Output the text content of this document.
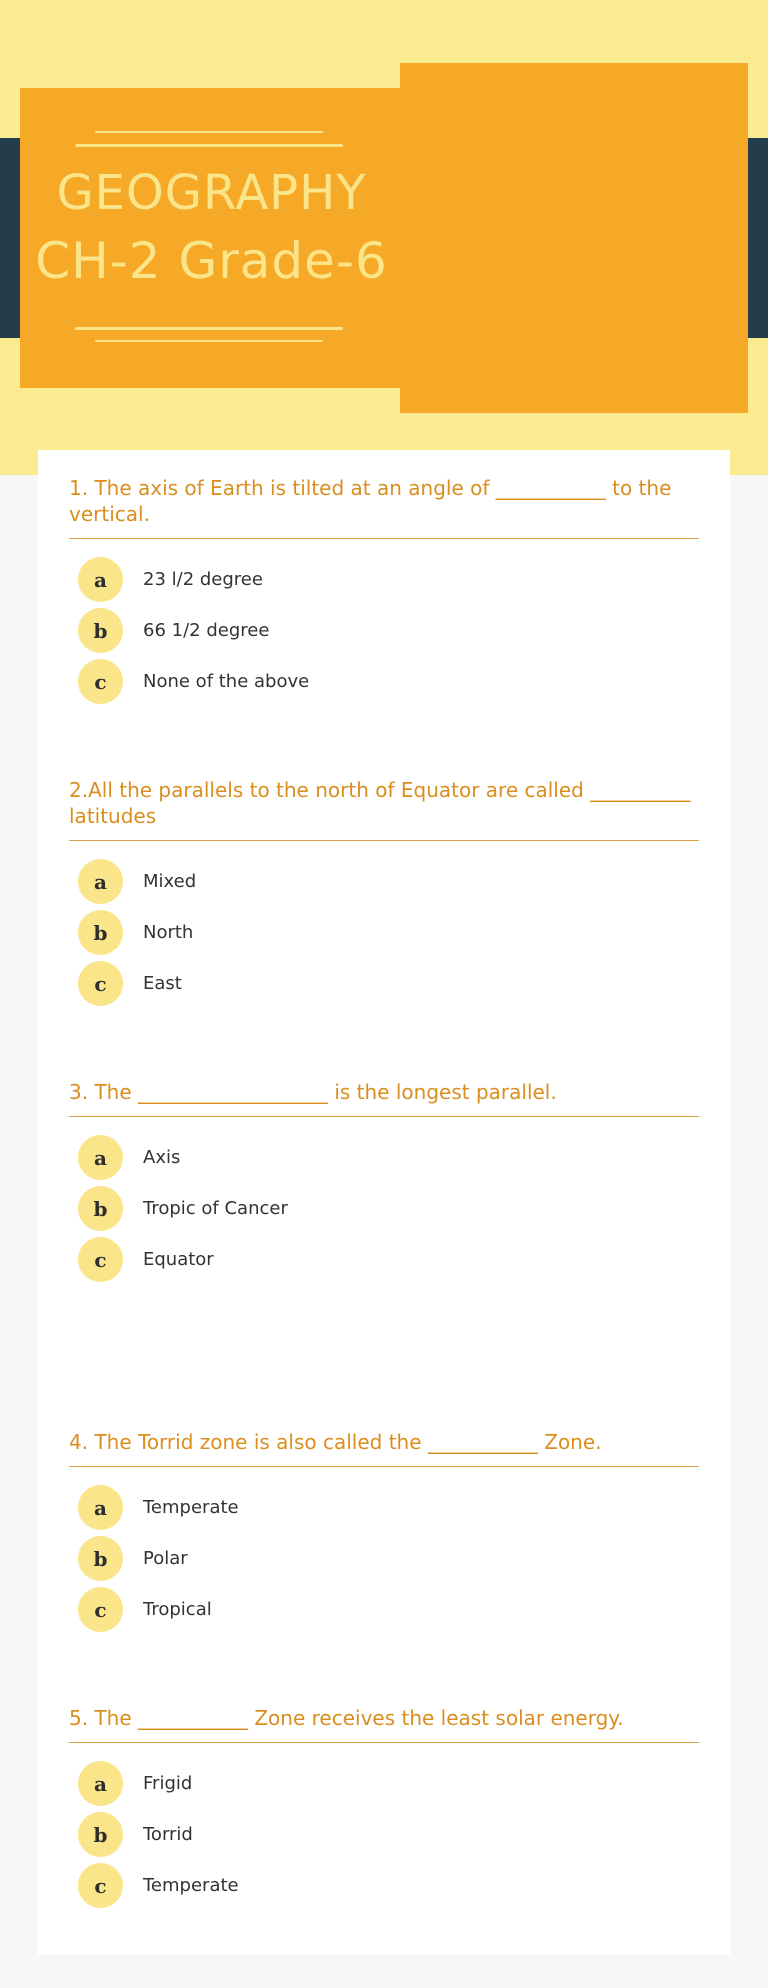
GEOGRAPHY
CH-2 Grade-6
1. The axis of Earth is tilted at an angle of ___________ to the vertical.
a	23 l/2 degree
b	66 1/2 degree
c	None of the above
2.All the parallels to the north of Equator are called __________ latitudes
a	Mixed
b	North
c	East
3. The ___________________ is the longest parallel.
a	Axis
b	Tropic of Cancer
c	Equator
4. The Torrid zone is also called the ___________ Zone.
a	Temperate
b	Polar
c	Tropical
5. The ___________ Zone receives the least solar energy.
a	Frigid
b	Torrid
c	Temperate
